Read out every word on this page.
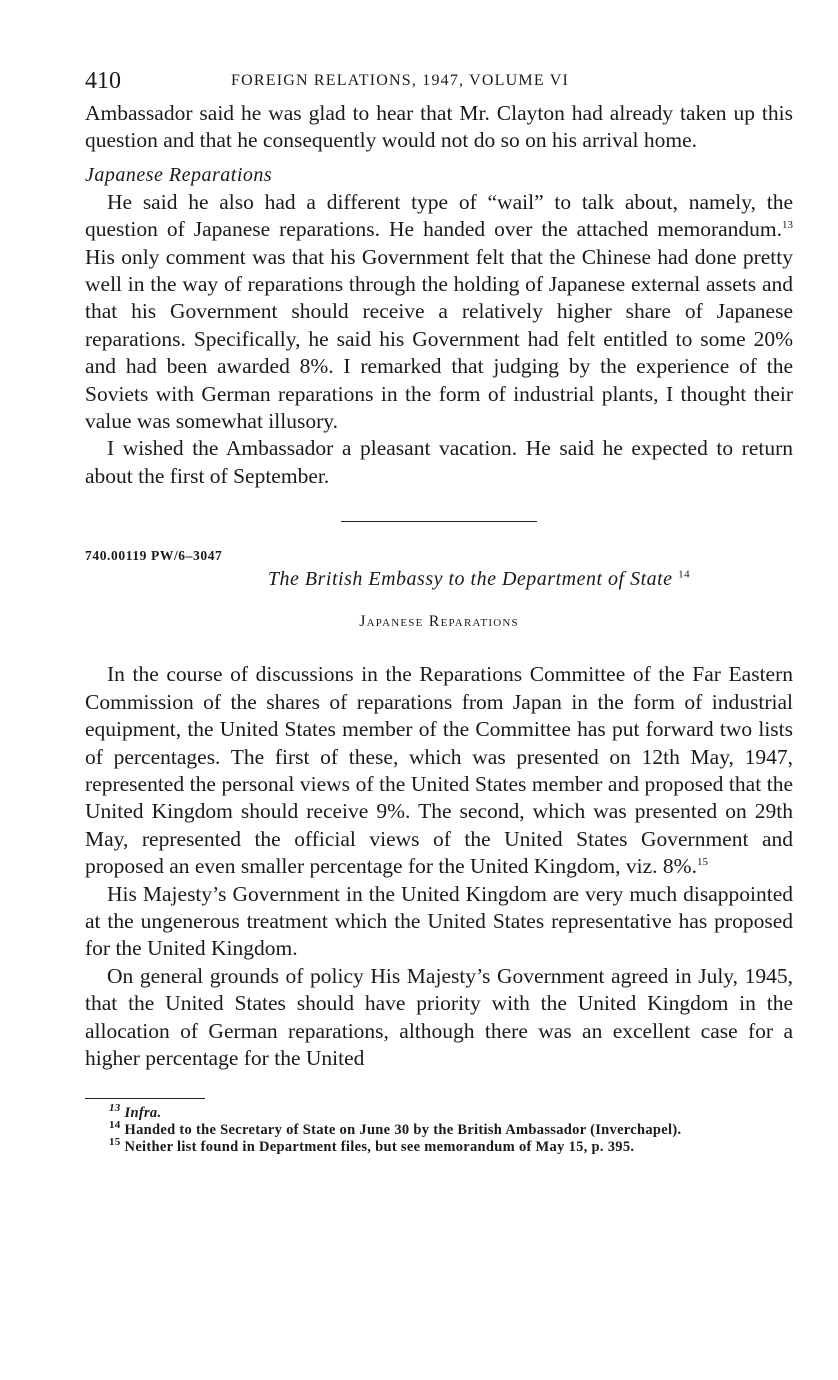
410	FOREIGN RELATIONS, 1947, VOLUME VI

Ambassador said he was glad to hear that Mr. Clayton had already taken up this question and that he consequently would not do so on his arrival home.

Japanese Reparations

He said he also had a different type of “wail” to talk about, namely, the question of Japanese reparations. He handed over the attached memorandum.$^{13}$ His only comment was that his Government felt that the Chinese had done pretty well in the way of reparations through the holding of Japanese external assets and that his Government should receive a relatively higher share of Japanese reparations. Specifically, he said his Government had felt entitled to some 20% and had been awarded 8%. I remarked that judging by the experience of the Soviets with German reparations in the form of industrial plants, I thought their value was somewhat illusory.

I wished the Ambassador a pleasant vacation. He said he expected to return about the first of September.

740.00119 PW/6–3047
The British Embassy to the Department of State $^{14}$
Japanese Reparations

In the course of discussions in the Reparations Committee of the Far Eastern Commission of the shares of reparations from Japan in the form of industrial equipment, the United States member of the Committee has put forward two lists of percentages. The first of these, which was presented on 12th May, 1947, represented the personal views of the United States member and proposed that the United Kingdom should receive 9%. The second, which was presented on 29th May, represented the official views of the United States Government and proposed an even smaller percentage for the United Kingdom, viz. 8%.$^{15}$

His Majesty’s Government in the United Kingdom are very much disappointed at the ungenerous treatment which the United States representative has proposed for the United Kingdom.

On general grounds of policy His Majesty’s Government agreed in July, 1945, that the United States should have priority with the United Kingdom in the allocation of German reparations, although there was an excellent case for a higher percentage for the United

$^{13}$ Infra.
$^{14}$ Handed to the Secretary of State on June 30 by the British Ambassador (Inverchapel).
$^{15}$ Neither list found in Department files, but see memorandum of May 15, p. 395.
